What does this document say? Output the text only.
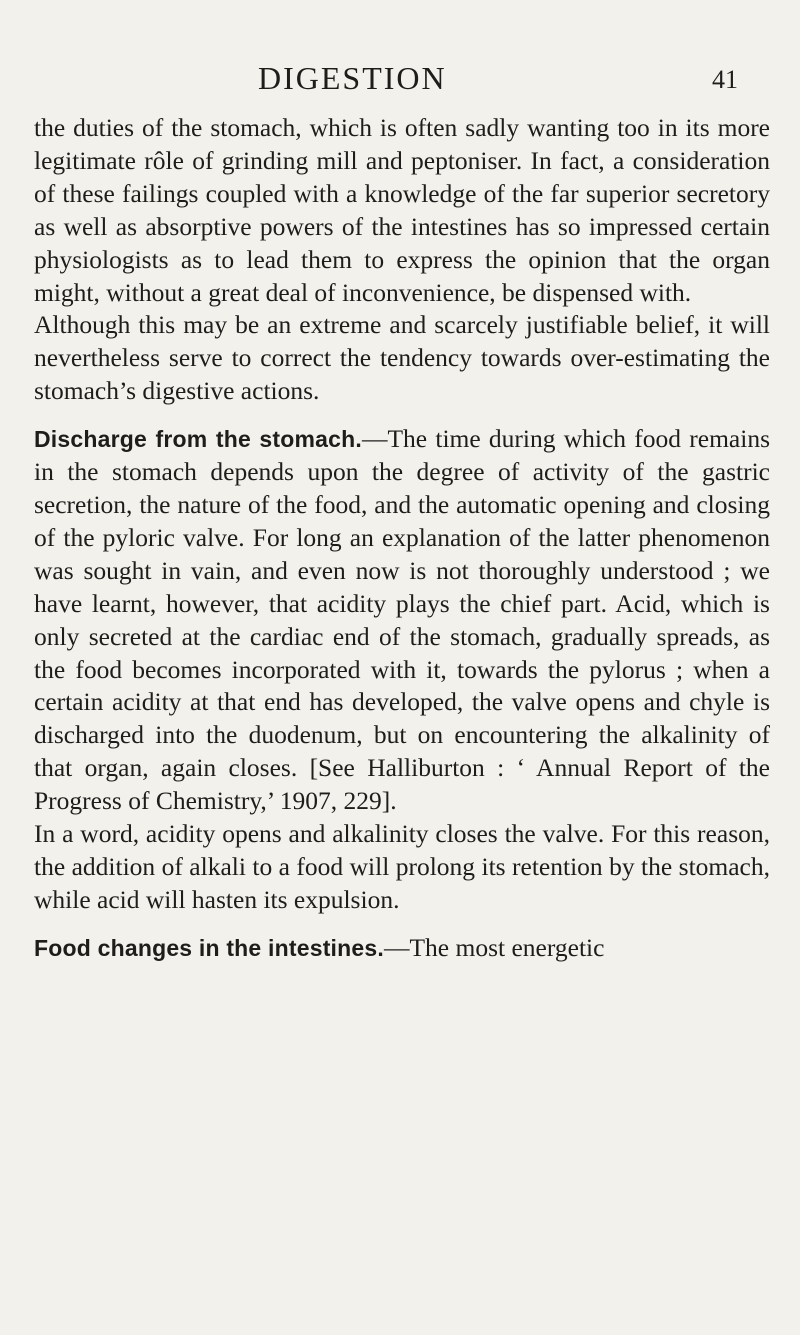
DIGESTION	41

the duties of the stomach, which is often sadly wanting too in its more legitimate rôle of grinding mill and peptoniser. In fact, a consideration of these failings coupled with a knowledge of the far superior secretory as well as absorptive powers of the intestines has so impressed certain physiologists as to lead them to express the opinion that the organ might, without a great deal of inconvenience, be dispensed with.

Although this may be an extreme and scarcely justifiable belief, it will nevertheless serve to correct the tendency towards over-estimating the stomach’s digestive actions.

Discharge from the stomach.—The time during which food remains in the stomach depends upon the degree of activity of the gastric secretion, the nature of the food, and the automatic opening and closing of the pyloric valve. For long an explanation of the latter phenomenon was sought in vain, and even now is not thoroughly understood ; we have learnt, however, that acidity plays the chief part. Acid, which is only secreted at the cardiac end of the stomach, gradually spreads, as the food becomes incorporated with it, towards the pylorus ; when a certain acidity at that end has developed, the valve opens and chyle is discharged into the duodenum, but on encountering the alkalinity of that organ, again closes. [See Halliburton : ‘ Annual Report of the Progress of Chemistry,’ 1907, 229].

In a word, acidity opens and alkalinity closes the valve. For this reason, the addition of alkali to a food will prolong its retention by the stomach, while acid will hasten its expulsion.

Food changes in the intestines.—The most energetic
